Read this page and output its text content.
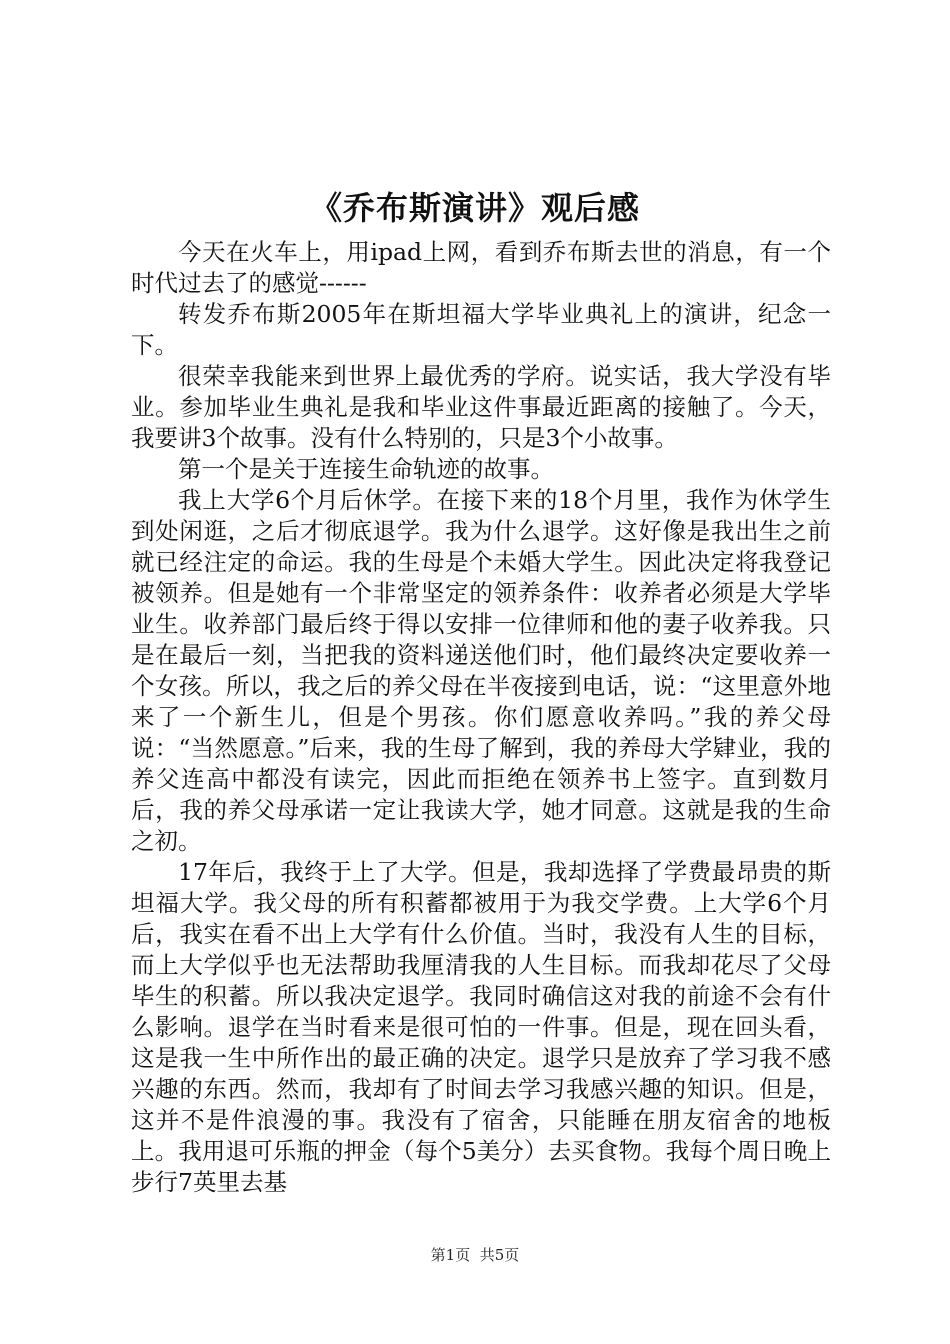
《乔布斯演讲》观后感

今天在火车上，用ipad上网，看到乔布斯去世的消息，有一个时代过去了的感觉------

转发乔布斯2005年在斯坦福大学毕业典礼上的演讲，纪念一下。

很荣幸我能来到世界上最优秀的学府。说实话，我大学没有毕业。参加毕业生典礼是我和毕业这件事最近距离的接触了。今天，我要讲3个故事。没有什么特别的，只是3个小故事。

第一个是关于连接生命轨迹的故事。

我上大学6个月后休学。在接下来的18个月里，我作为休学生到处闲逛，之后才彻底退学。我为什么退学。这好像是我出生之前就已经注定的命运。我的生母是个未婚大学生。因此决定将我登记被领养。但是她有一个非常坚定的领养条件：收养者必须是大学毕业生。收养部门最后终于得以安排一位律师和他的妻子收养我。只是在最后一刻，当把我的资料递送他们时，他们最终决定要收养一个女孩。所以，我之后的养父母在半夜接到电话，说：“这里意外地来了一个新生儿，但是个男孩。你们愿意收养吗。”我的养父母说：“当然愿意。”后来，我的生母了解到，我的养母大学肄业，我的养父连高中都没有读完，因此而拒绝在领养书上签字。直到数月后，我的养父母承诺一定让我读大学，她才同意。这就是我的生命之初。

17年后，我终于上了大学。但是，我却选择了学费最昂贵的斯坦福大学。我父母的所有积蓄都被用于为我交学费。上大学6个月后，我实在看不出上大学有什么价值。当时，我没有人生的目标，而上大学似乎也无法帮助我厘清我的人生目标。而我却花尽了父母毕生的积蓄。所以我决定退学。我同时确信这对我的前途不会有什么影响。退学在当时看来是很可怕的一件事。但是，现在回头看，这是我一生中所作出的最正确的决定。退学只是放弃了学习我不感兴趣的东西。然而，我却有了时间去学习我感兴趣的知识。但是，这并不是件浪漫的事。我没有了宿舍，只能睡在朋友宿舍的地板上。我用退可乐瓶的押金（每个5美分）去买食物。我每个周日晚上步行7英里去基

第1页 共5页
